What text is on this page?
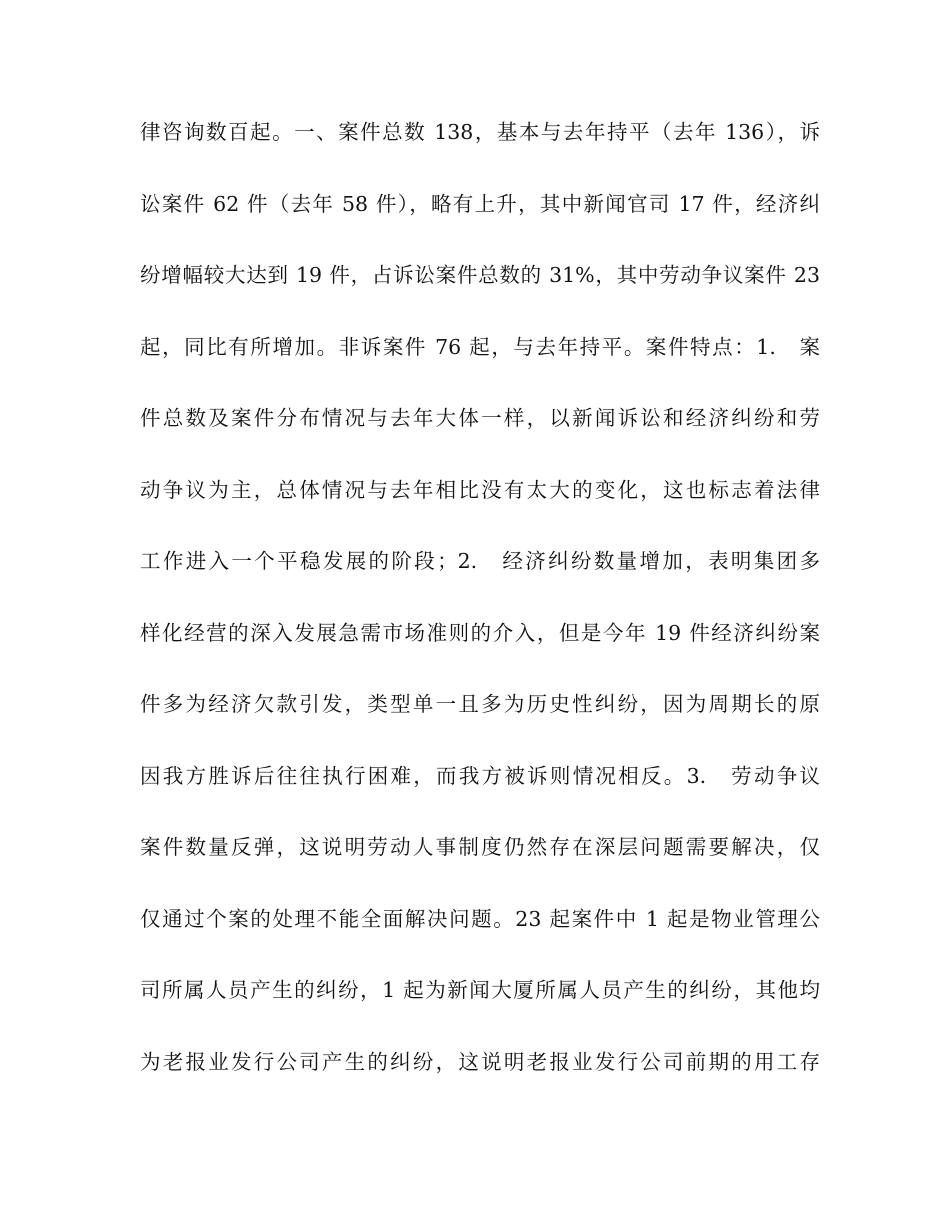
律咨询数百起。一、案件总数 138，基本与去年持平（去年 136），诉
讼案件 62 件（去年 58 件），略有上升，其中新闻官司 17 件，经济纠
纷增幅较大达到 19 件，占诉讼案件总数的 31%，其中劳动争议案件 23
起，同比有所增加。非诉案件 76 起，与去年持平。案件特点：1.　案
件总数及案件分布情况与去年大体一样，以新闻诉讼和经济纠纷和劳
动争议为主，总体情况与去年相比没有太大的变化，这也标志着法律
工作进入一个平稳发展的阶段；2.　经济纠纷数量增加，表明集团多
样化经营的深入发展急需市场准则的介入，但是今年 19 件经济纠纷案
件多为经济欠款引发，类型单一且多为历史性纠纷，因为周期长的原
因我方胜诉后往往执行困难，而我方被诉则情况相反。3.　劳动争议
案件数量反弹，这说明劳动人事制度仍然存在深层问题需要解决，仅
仅通过个案的处理不能全面解决问题。23 起案件中 1 起是物业管理公
司所属人员产生的纠纷，1 起为新闻大厦所属人员产生的纠纷，其他均
为老报业发行公司产生的纠纷，这说明老报业发行公司前期的用工存
